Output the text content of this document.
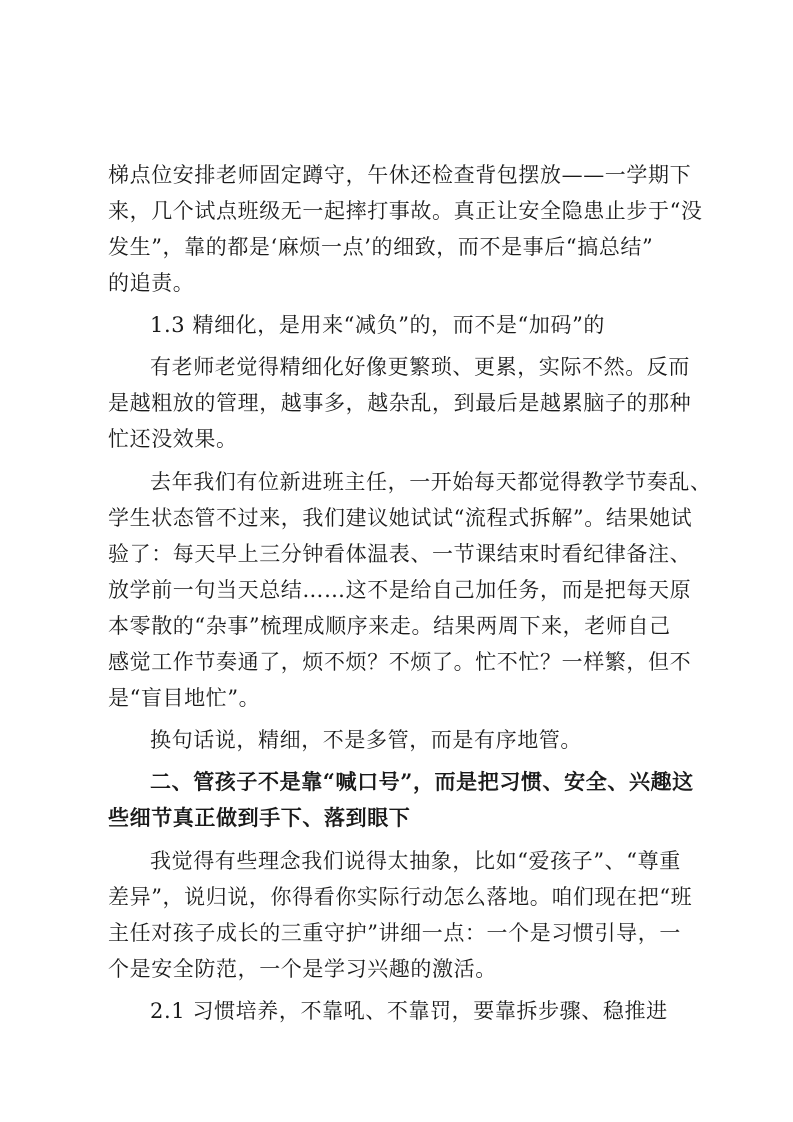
梯点位安排老师固定蹲守，午休还检查背包摆放——一学期下
来，几个试点班级无一起摔打事故。真正让安全隐患止步于“没
发生”，靠的都是‘麻烦一点’的细致，而不是事后“搞总结”
的追责。
1.3 精细化，是用来“减负”的，而不是“加码”的
有老师老觉得精细化好像更繁琐、更累，实际不然。反而
是越粗放的管理，越事多，越杂乱，到最后是越累脑子的那种
忙还没效果。
去年我们有位新进班主任，一开始每天都觉得教学节奏乱、
学生状态管不过来，我们建议她试试“流程式拆解”。结果她试
验了：每天早上三分钟看体温表、一节课结束时看纪律备注、
放学前一句当天总结……这不是给自己加任务，而是把每天原
本零散的“杂事”梳理成顺序来走。结果两周下来，老师自己
感觉工作节奏通了，烦不烦？不烦了。忙不忙？一样繁，但不
是“盲目地忙”。
换句话说，精细，不是多管，而是有序地管。
二、管孩子不是靠“喊口号”，而是把习惯、安全、兴趣这
些细节真正做到手下、落到眼下
我觉得有些理念我们说得太抽象，比如“爱孩子”、“尊重
差异”，说归说，你得看你实际行动怎么落地。咱们现在把“班
主任对孩子成长的三重守护”讲细一点：一个是习惯引导，一
个是安全防范，一个是学习兴趣的激活。
2.1 习惯培养，不靠吼、不靠罚，要靠拆步骤、稳推进
